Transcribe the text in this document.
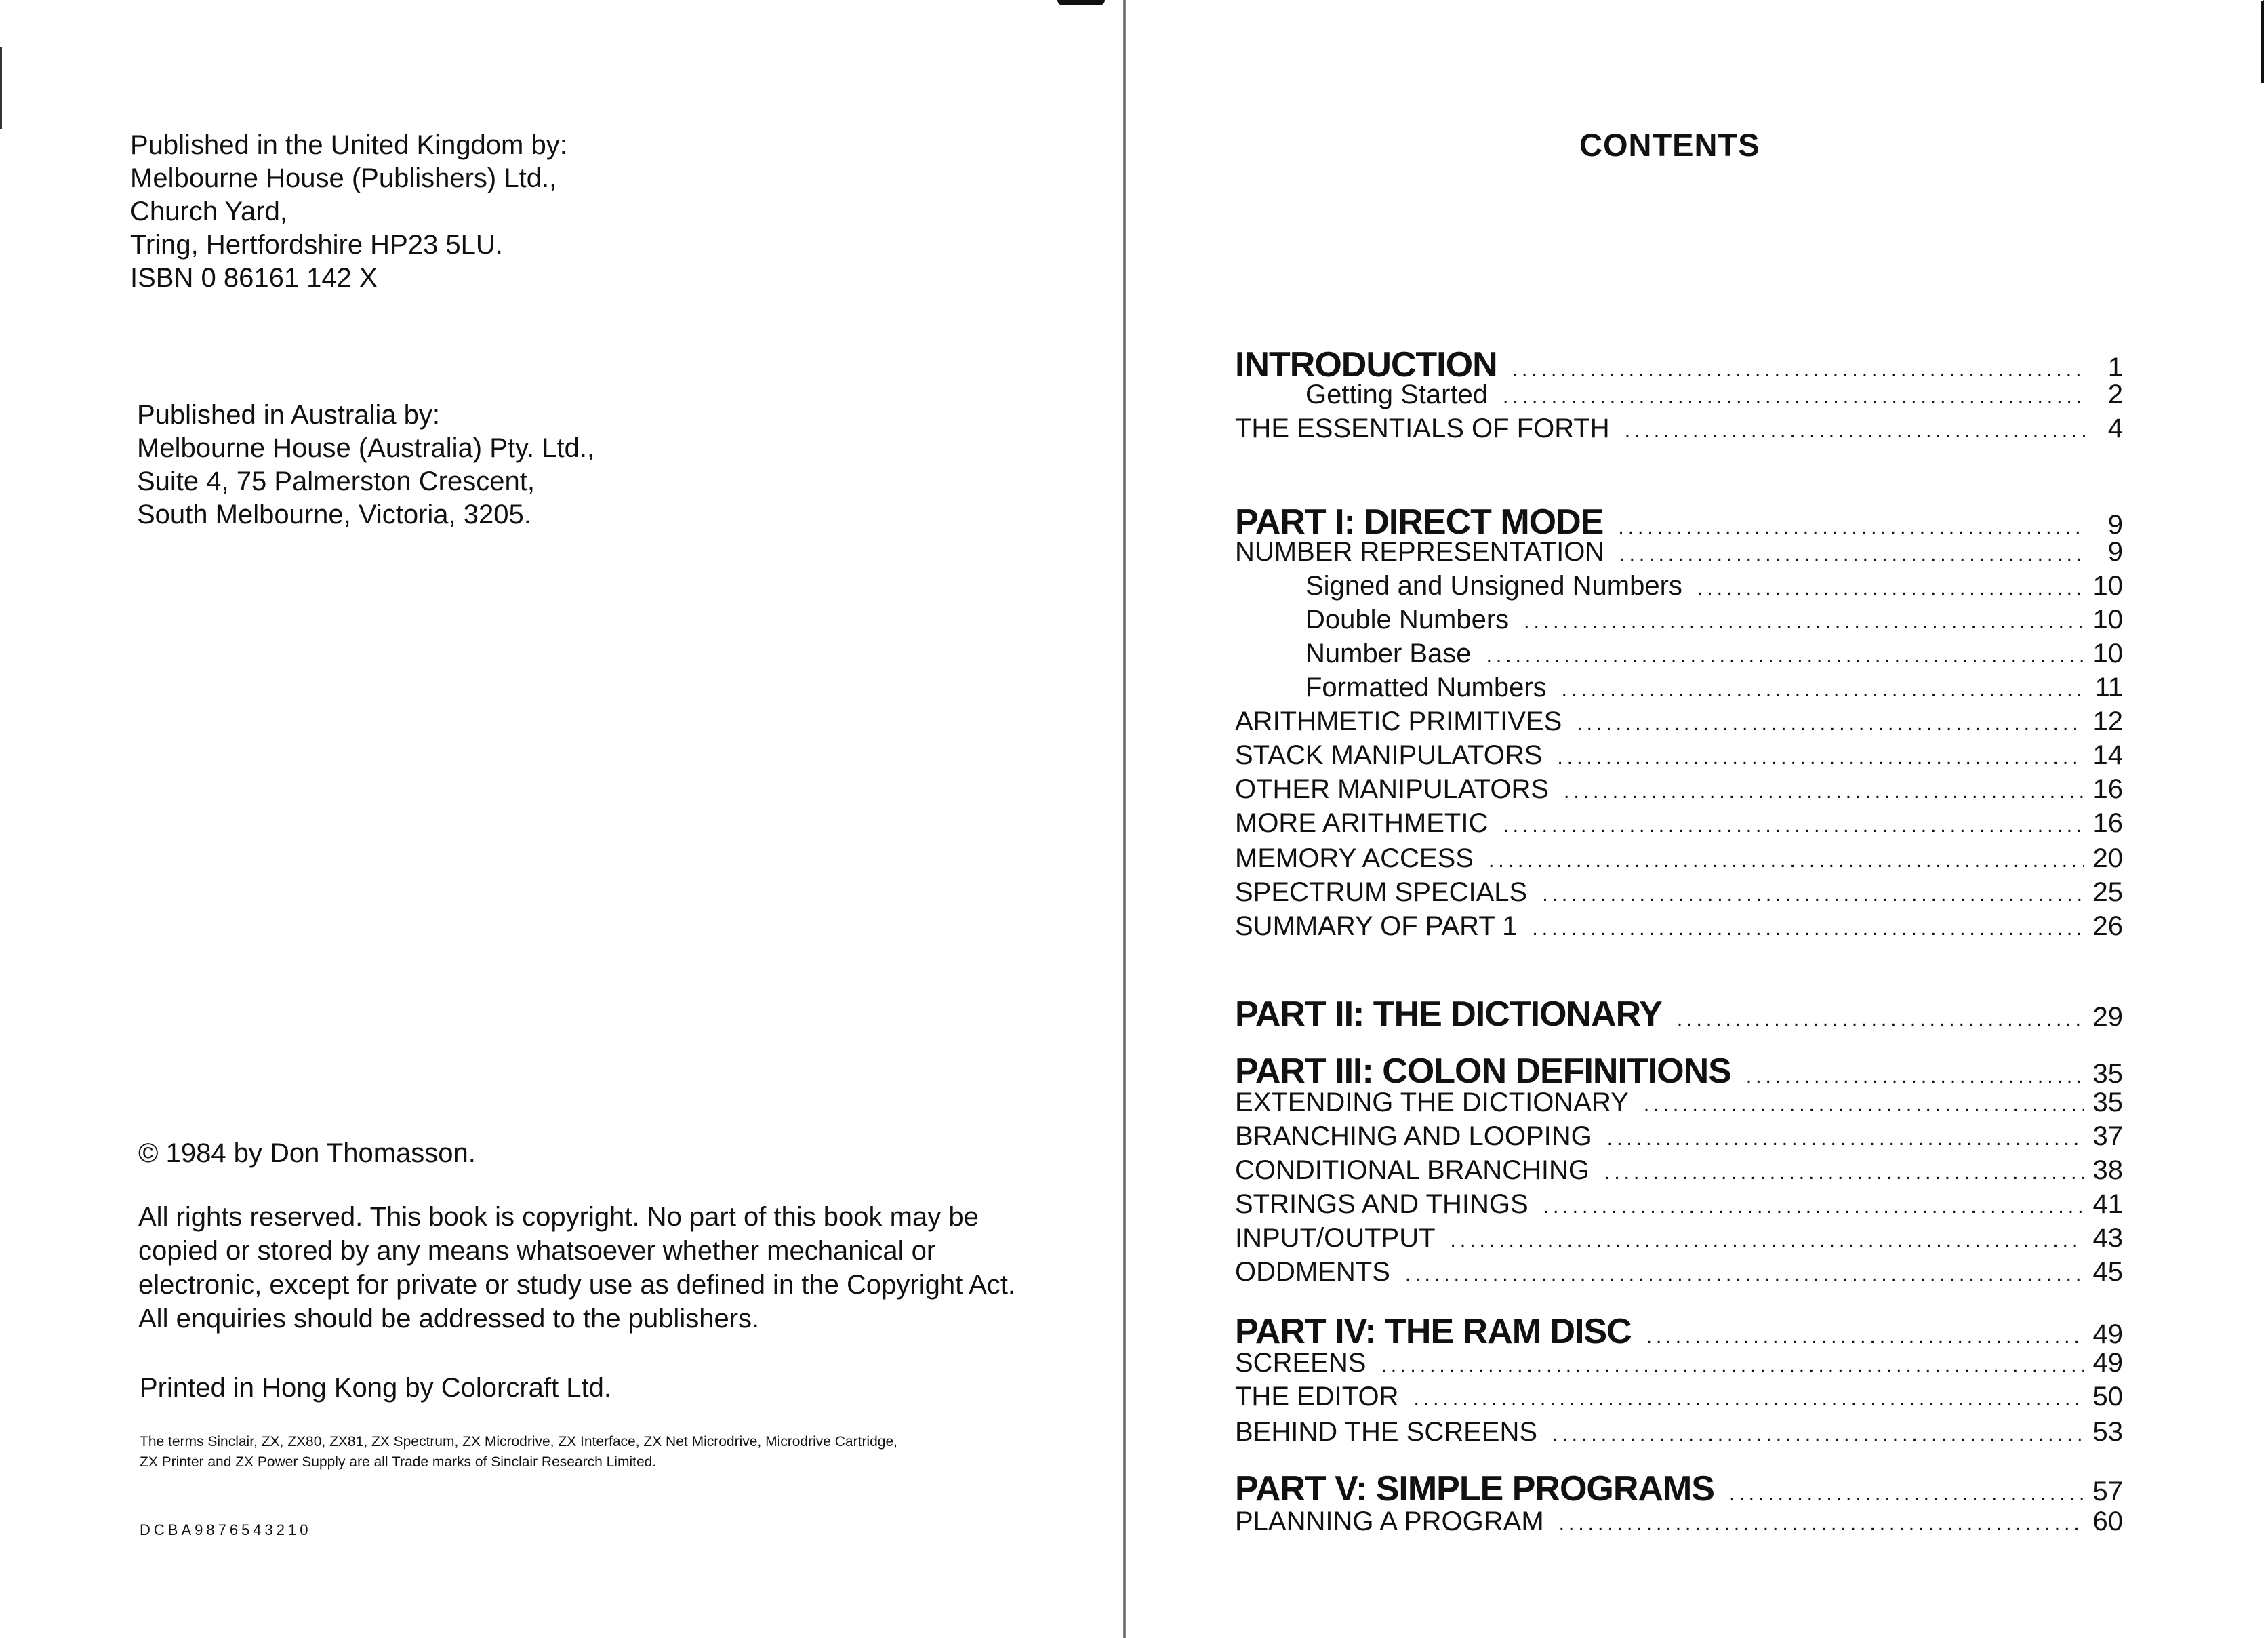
Published in the United Kingdom by:
Melbourne House (Publishers) Ltd.,
Church Yard,
Tring, Hertfordshire HP23 5LU.
ISBN 0 86161 142 X
Published in Australia by:
Melbourne House (Australia) Pty. Ltd.,
Suite 4, 75 Palmerston Crescent,
South Melbourne, Victoria, 3205.
© 1984 by Don Thomasson.
All rights reserved. This book is copyright. No part of this book may be
copied or stored by any means whatsoever whether mechanical or
electronic, except for private or study use as defined in the Copyright Act.
All enquiries should be addressed to the publishers.
Printed in Hong Kong by Colorcraft Ltd.
The terms Sinclair, ZX, ZX80, ZX81, ZX Spectrum, ZX Microdrive, ZX Interface, ZX Net Microdrive, Microdrive Cartridge,
ZX Printer and ZX Power Supply are all Trade marks of Sinclair Research Limited.
DCBA9876543210
CONTENTS
INTRODUCTION .....	1
Getting Started .....	2
THE ESSENTIALS OF FORTH .....	4
PART I: DIRECT MODE .....	9
NUMBER REPRESENTATION .....	9
Signed and Unsigned Numbers .....	10
Double Numbers .....	10
Number Base .....	10
Formatted Numbers .....	11
ARITHMETIC PRIMITIVES .....	12
STACK MANIPULATORS .....	14
OTHER MANIPULATORS .....	16
MORE ARITHMETIC .....	16
MEMORY ACCESS .....	20
SPECTRUM SPECIALS .....	25
SUMMARY OF PART 1 .....	26
PART II: THE DICTIONARY .....	29
PART III: COLON DEFINITIONS .....	35
EXTENDING THE DICTIONARY .....	35
BRANCHING AND LOOPING .....	37
CONDITIONAL BRANCHING .....	38
STRINGS AND THINGS .....	41
INPUT/OUTPUT .....	43
ODDMENTS .....	45
PART IV: THE RAM DISC .....	49
SCREENS .....	49
THE EDITOR .....	50
BEHIND THE SCREENS .....	53
PART V: SIMPLE PROGRAMS .....	57
PLANNING A PROGRAM .....	60
